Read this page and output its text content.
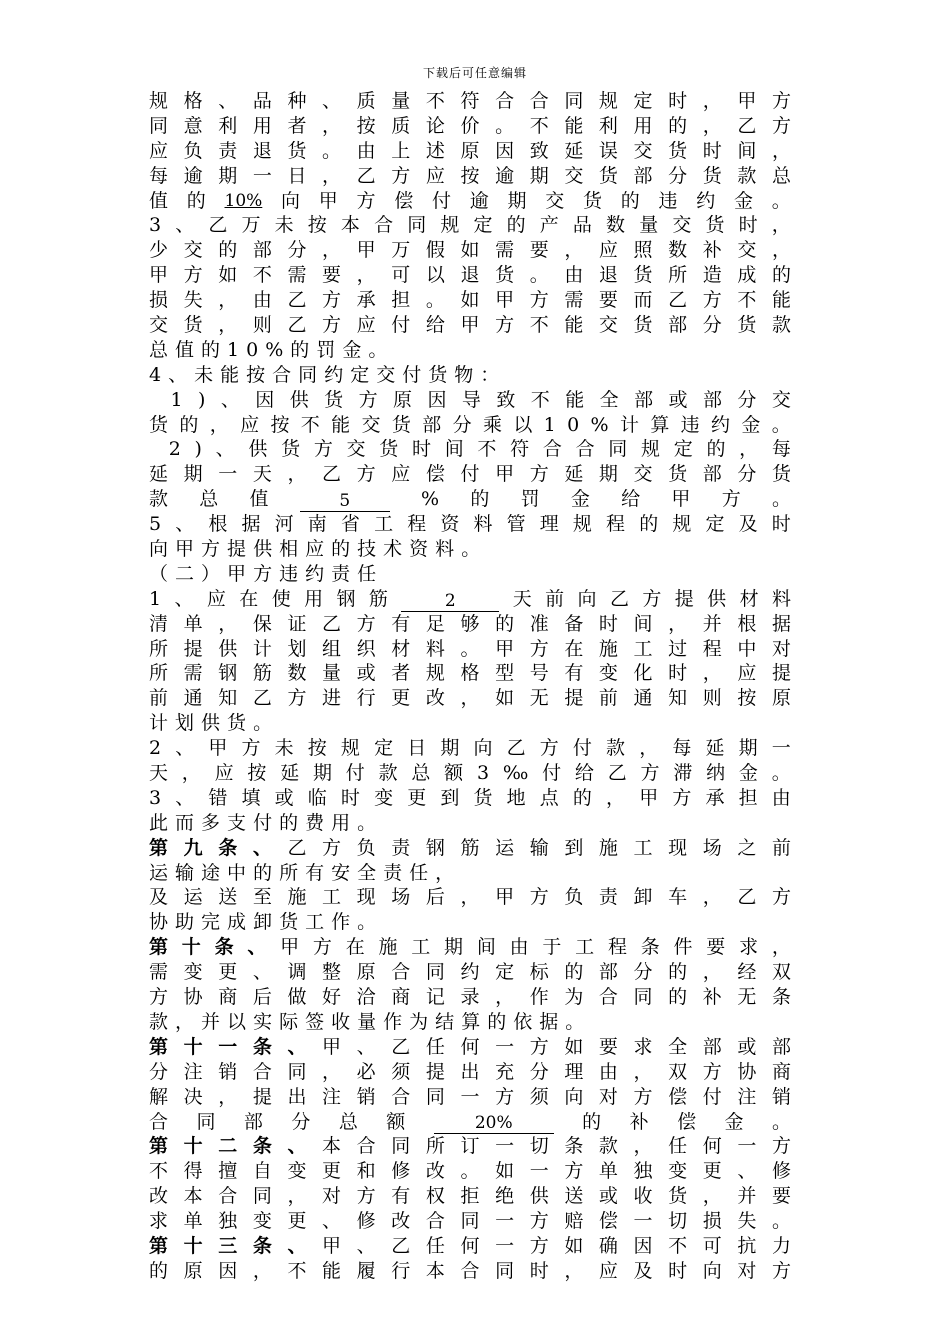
下载后可任意编辑
规 格 、 品 种 、 质 量 不 符 合 合 同 规 定 时 ， 甲 方
同 意 利 用 者 ， 按 质 论 价 。 不 能 利 用 的 ， 乙 方
应 负 责 退 货 。 由 上 述 原 因 致 延 误 交 货 时 间 ，
每 逾 期 一 日 ， 乙 方 应 按 逾 期 交 货 部 分 货 款 总
值 的 10% 向 甲 方 偿 付 逾 期 交 货 的 违 约 金 。
3 、 乙 万 未 按 本 合 同 规 定 的 产 品 数 量 交 货 时 ，
少 交 的 部 分 ， 甲 万 假 如 需 要 ， 应 照 数 补 交 ，
甲 方 如 不 需 要 ， 可 以 退 货 。 由 退 货 所 造 成 的
损 失 ， 由 乙 方 承 担 。 如 甲 方 需 要 而 乙 方 不 能
交 货 ， 则 乙 方 应 付 给 甲 方 不 能 交 货 部 分 货 款
总 值 的 1 0 % 的 罚 金 。
4 、 未 能 按 合 同 约 定 交 付 货 物 ：

1 ) 、 因 供 货 方 原 因 导 致 不 能 全 部 或 部 分 交
货 的 ， 应 按 不 能 交 货 部 分 乘 以 1 0 % 计 算 违 约 金 。

2 ) 、 供 货 方 交 货 时 间 不 符 合 合 同 规 定 的 ， 每
延 期 一 天 ， 乙 方 应 偿 付 甲 方 延 期 交 货 部 分 货
款 总 值	5	% 的 罚 金 给 甲 方 。
5 、 根 据 河 南 省 工 程 资 料 管 理 规 程 的 规 定 及 时
向 甲 方 提 供 相 应 的 技 术 资 料 。
（ 二 ） 甲 方 违 约 责 任
1 、 应 在 使 用 钢 筋	2	天 前 向 乙 方 提 供 材 料
清 单 ， 保 证 乙 方 有 足 够 的 准 备 时 间 ， 并 根 据
所 提 供 计 划 组 织 材 料 。 甲 方 在 施 工 过 程 中 对
所 需 钢 筋 数 量 或 者 规 格 型 号 有 变 化 时 ， 应 提
前 通 知 乙 方 进 行 更 改 ， 如 无 提 前 通 知 则 按 原
计 划 供 货 。
2 、 甲 方 未 按 规 定 日 期 向 乙 方 付 款 ， 每 延 期 一
天 ， 应 按 延 期 付 款 总 额 3 ‰ 付 给 乙 方 滞 纳 金 。
3 、 错 填 或 临 时 变 更 到 货 地 点 的 ， 甲 方 承 担 由
此 而 多 支 付 的 费 用 。
第 九 条 、 乙 方 负 责 钢 筋 运 输 到 施 工 现 场 之 前
运 输 途 中 的 所 有 安 全 责 任 ，
及 运 送 至 施 工 现 场 后 ， 甲 方 负 责 卸 车 ， 乙 方
协 助 完 成 卸 货 工 作 。
第 十 条 、 甲 方 在 施 工 期 间 由 于 工 程 条 件 要 求 ，
需 变 更 、 调 整 原 合 同 约 定 标 的 部 分 的 ， 经 双
方 协 商 后 做 好 洽 商 记 录 ， 作 为 合 同 的 补 无 条
款 ， 并 以 实 际 签 收 量 作 为 结 算 的 依 据 。
第 十 一 条 、 甲 、 乙 任 何 一 方 如 要 求 全 部 或 部
分 注 销 合 同 ， 必 须 提 出 充 分 理 由 ， 双 方 协 商
解 决 ， 提 出 注 销 合 同 一 方 须 向 对 方 偿 付 注 销
合 同 部 分 总 额	20%	的 补 偿 金 。
第 十 二 条 、 本 合 同 所 订 一 切 条 款 ， 任 何 一 方
不 得 擅 自 变 更 和 修 改 。 如 一 方 单 独 变 更 、 修
改 本 合 同 ， 对 方 有 权 拒 绝 供 送 或 收 货 ， 并 要
求 单 独 变 更 、 修 改 合 同 一 方 赔 偿 一 切 损 失 。
第 十 三 条 、 甲 、 乙 任 何 一 方 如 确 因 不 可 抗 力
的 原 因 ， 不 能 履 行 本 合 同 时 ， 应 及 时 向 对 方
